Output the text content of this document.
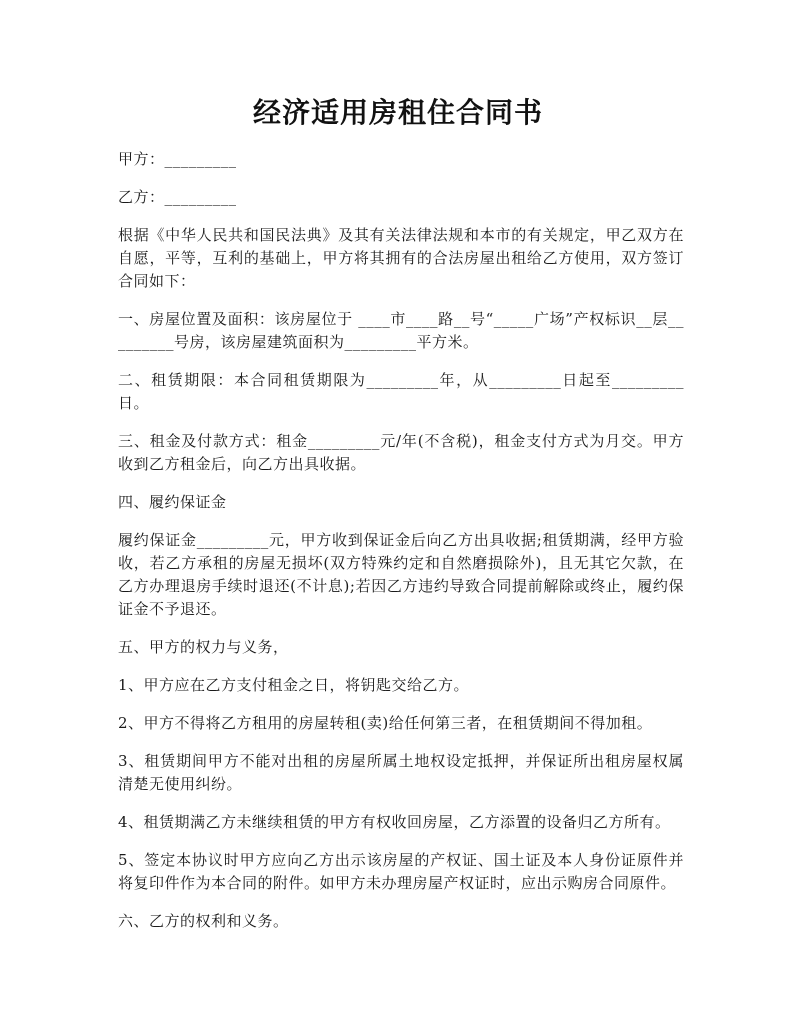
经济适用房租住合同书

甲方：_________

乙方：_________

根据《中华人民共和国民法典》及其有关法律法规和本市的有关规定，甲乙双方在自愿，平等，互利的基础上，甲方将其拥有的合法房屋出租给乙方使用，双方签订合同如下：

一、房屋位置及面积：该房屋位于 ____市____路__号“_____广场”产权标识__层_________号房，该房屋建筑面积为_________平方米。

二、租赁期限：本合同租赁期限为_________年，从_________日起至_________日。

三、租金及付款方式：租金_________元/年(不含税)，租金支付方式为月交。甲方收到乙方租金后，向乙方出具收据。

四、履约保证金

履约保证金_________元，甲方收到保证金后向乙方出具收据;租赁期满，经甲方验收，若乙方承租的房屋无损坏(双方特殊约定和自然磨损除外)，且无其它欠款，在乙方办理退房手续时退还(不计息);若因乙方违约导致合同提前解除或终止，履约保证金不予退还。

五、甲方的权力与义务，

1、甲方应在乙方支付租金之日，将钥匙交给乙方。

2、甲方不得将乙方租用的房屋转租(卖)给任何第三者，在租赁期间不得加租。

3、租赁期间甲方不能对出租的房屋所属土地权设定抵押，并保证所出租房屋权属清楚无使用纠纷。

4、租赁期满乙方未继续租赁的甲方有权收回房屋，乙方添置的设备归乙方所有。

5、签定本协议时甲方应向乙方出示该房屋的产权证、国土证及本人身份证原件并将复印件作为本合同的附件。如甲方未办理房屋产权证时，应出示购房合同原件。

六、乙方的权利和义务。
